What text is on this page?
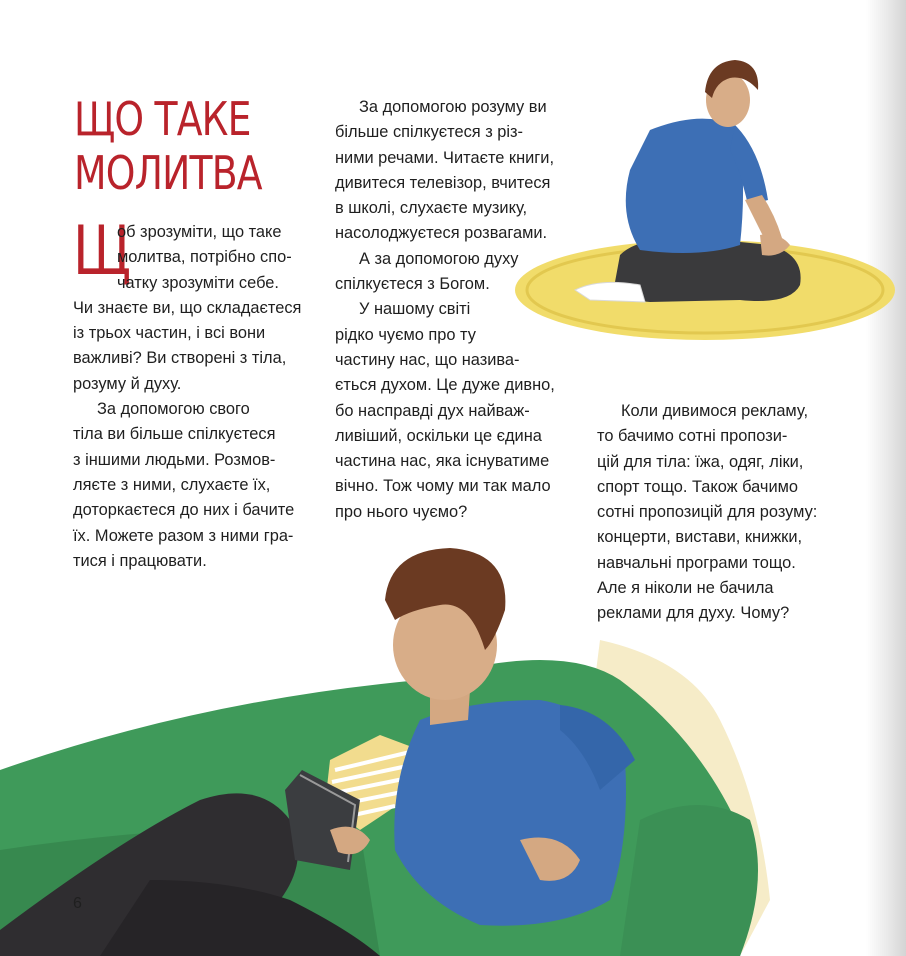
ЩО ТАКЕ
МОЛИТВА
Щ

об зрозуміти, що таке
молитва, потрібно спо-
чатку зрозуміти себе.
Чи знаєте ви, що складаєтеся
із трьох частин, і всі вони
важливі? Ви створені з тіла,
розуму й духу.

За допомогою свого
тіла ви більше спілкуєтеся
з іншими людьми. Розмов-
ляєте з ними, слухаєте їх,
доторкаєтеся до них і бачите
їх. Можете разом з ними гра-
тися і працювати.

За допомогою розуму ви
більше спілкуєтеся з різ-
ними речами. Читаєте книги,
дивитеся телевізор, вчитеся
в школі, слухаєте музику,
насолоджуєтеся розвагами.

А за допомогою духу
спілкуєтеся з Богом.

У нашому світі
рідко чуємо про ту
частину нас, що назива-
ється духом. Це дуже дивно,
бо насправді дух найваж-
ливіший, оскільки це єдина
частина нас, яка існуватиме
вічно. Тож чому ми так мало
про нього чуємо?

Коли дивимося рекламу,
то бачимо сотні пропози-
цій для тіла: їжа, одяг, ліки,
спорт тощо. Також бачимо
сотні пропозицій для розуму:
концерти, вистави, книжки,
навчальні програми тощо.
Але я ніколи не бачила
реклами для духу. Чому?

6
